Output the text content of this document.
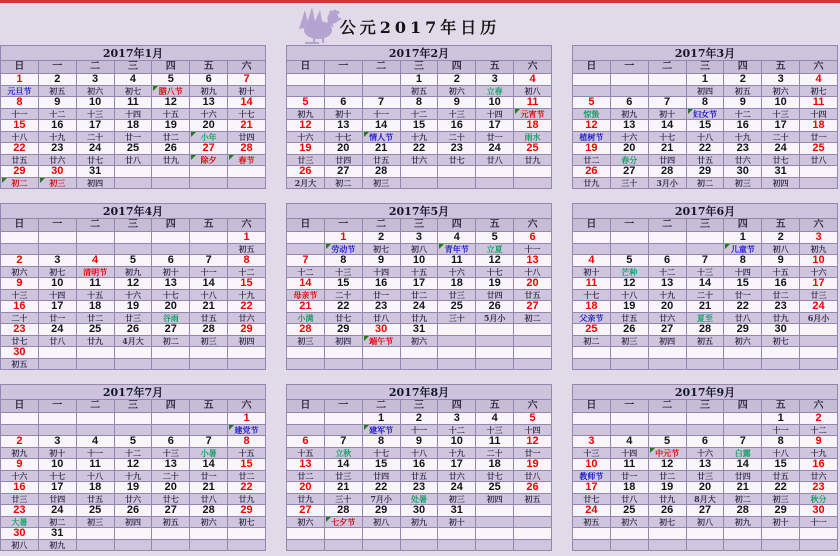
公元2017年日历
2017年1月						
日	一	二	三	四	五	六
1	2	3	4	5	6	7
元旦节	初五	初六	初七	腊八节	初九	初十
8	9	10	11	12	13	14
十一	十二	十三	十四	十五	十六	十七
15	16	17	18	19	20	21
十八	十九	二十	廿一	廿二	小年	廿四
22	23	24	25	26	27	28
廿五	廿六	廿七	廿八	廿九	除夕	春节
29	30	31				
初二	初三	初四				
2017年2月						
日	一	二	三	四	五	六
			1	2	3	4
			初五	初六	立春	初八
5	6	7	8	9	10	11
初九	初十	十一	十二	十三	十四	元宵节
12	13	14	15	16	17	18
十六	十七	情人节	十九	二十	廿一	雨水
19	20	21	22	23	24	25
廿三	廿四	廿五	廿六	廿七	廿八	廿九
26	27	28				
2月大	初二	初三				
2017年3月						
日	一	二	三	四	五	六
			1	2	3	4
			初四	初五	初六	初七
5	6	7	8	9	10	11
惊蛰	初九	初十	妇女节	十二	十三	十四
12	13	14	15	16	17	18
植树节	十六	十七	十八	十九	二十	廿一
19	20	21	22	23	24	25
廿二	春分	廿四	廿五	廿六	廿七	廿八
26	27	28	29	30	31	
廿九	三十	3月小	初二	初三	初四	
2017年4月						
日	一	二	三	四	五	六
						1
						初五
2	3	4	5	6	7	8
初六	初七	清明节	初九	初十	十一	十二
9	10	11	12	13	14	15
十三	十四	十五	十六	十七	十八	十九
16	17	18	19	20	21	22
二十	廿一	廿二	廿三	谷雨	廿五	廿六
23	24	25	26	27	28	29
廿七	廿八	廿九	4月大	初二	初三	初四
30						
初五						
2017年5月						
日	一	二	三	四	五	六
	1	2	3	4	5	6
	劳动节	初七	初八	青年节	立夏	十一
7	8	9	10	11	12	13
十二	十三	十四	十五	十六	十七	十八
14	15	16	17	18	19	20
母亲节	二十	廿一	廿二	廿三	廿四	廿五
21	22	23	24	25	26	27
小满	廿七	廿八	廿九	三十	5月小	初二
28	29	30	31			
初三	初四	端午节	初六			

2017年6月						
日	一	二	三	四	五	六
				1	2	3
				儿童节	初八	初九
4	5	6	7	8	9	10
初十	芒种	十二	十三	十四	十五	十六
11	12	13	14	15	16	17
十七	十八	十九	二十	廿一	廿二	廿三
18	19	20	21	22	23	24
父亲节	廿五	廿六	夏至	廿八	廿九	6月小
25	26	27	28	29	30	
初二	初三	初四	初五	初六	初七	

2017年7月						
日	一	二	三	四	五	六
						1
						建党节
2	3	4	5	6	7	8
初九	初十	十一	十二	十三	小暑	十五
9	10	11	12	13	14	15
十六	十七	十八	十九	二十	廿一	廿二
16	17	18	19	20	21	22
廿三	廿四	廿五	廿六	廿七	廿八	廿九
23	24	25	26	27	28	29
大暑	初二	初三	初四	初五	初六	初七
30	31					
初八	初九					
2017年8月						
日	一	二	三	四	五	六
		1	2	3	4	5
		建军节	十一	十二	十三	十四
6	7	8	9	10	11	12
十五	立秋	十七	十八	十九	二十	廿一
13	14	15	16	17	18	19
廿二	廿三	廿四	廿五	廿六	廿七	廿八
20	21	22	23	24	25	26
廿九	三十	7月小	处暑	初三	初四	初五
27	28	29	30	31		
初六	七夕节	初八	初九	初十		

2017年9月						
日	一	二	三	四	五	六
					1	2
					十一	十二
3	4	5	6	7	8	9
十三	十四	中元节	十六	白露	十八	十九
10	11	12	13	14	15	16
教师节	廿一	廿二	廿三	廿四	廿五	廿六
17	18	19	20	21	22	23
廿七	廿八	廿九	8月大	初二	初三	秋分
24	25	26	27	28	29	30
初五	初六	初七	初八	初九	初十	十一
